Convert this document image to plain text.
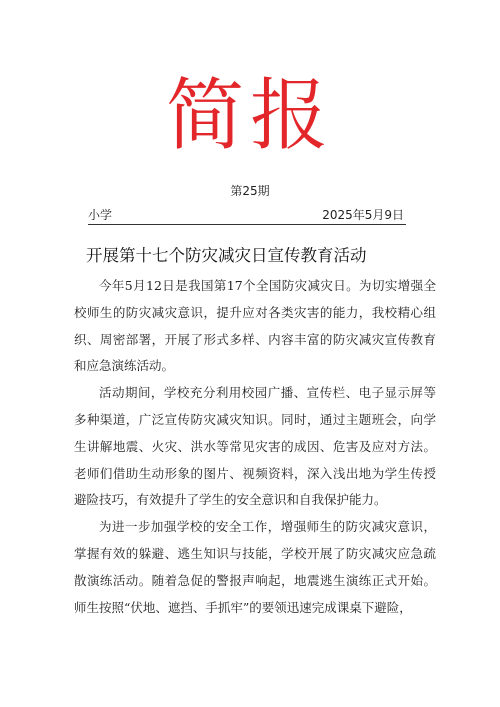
简报
第25期
小学	2025年5月9日
开展第十七个防灾减灾日宣传教育活动

今年5月12日是我国第17个全国防灾减灾日。为切实增强全校师生的防灾减灾意识，提升应对各类灾害的能力，我校精心组织、周密部署，开展了形式多样、内容丰富的防灾减灾宣传教育和应急演练活动。

活动期间，学校充分利用校园广播、宣传栏、电子显示屏等多种渠道，广泛宣传防灾减灾知识。同时，通过主题班会，向学生讲解地震、火灾、洪水等常见灾害的成因、危害及应对方法。老师们借助生动形象的图片、视频资料，深入浅出地为学生传授避险技巧，有效提升了学生的安全意识和自我保护能力。

为进一步加强学校的安全工作，增强师生的防灾减灾意识，掌握有效的躲避、逃生知识与技能，学校开展了防灾减灾应急疏散演练活动。随着急促的警报声响起，地震逃生演练正式开始。师生按照“伏地、遮挡、手抓牢”的要领迅速完成课桌下避险，
